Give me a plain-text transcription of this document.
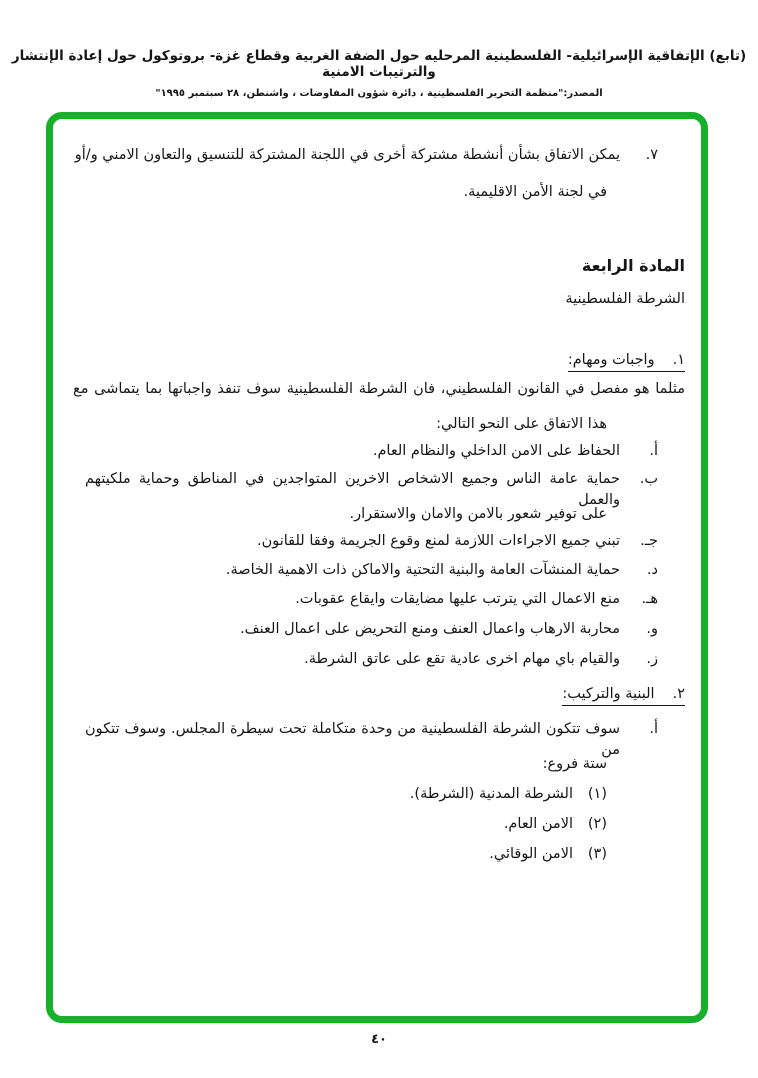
(تابع) الإتفاقية الإسرائيلية- الفلسطينية المرحليه حول الضفة الغربية وقطاع غزة- بروتوكول حول إعادة الإنتشار والترتيبات الامنية
المصدر:"منظمة التحرير الفلسطينية ، دائرة شؤون المفاوضات ، واشنطن، ٢٨ سبتمبر ١٩٩٥"
٧.
يمكن الاتفاق بشأن أنشطة مشتركة أخرى في اللجنة المشتركة للتنسيق والتعاون الامني و/أو
في لجنة الأمن الاقليمية.
المادة الرابعة
الشرطة الفلسطينية
١.واجبات ومهام:
مثلما هو مفصل في القانون الفلسطيني، فان الشرطة الفلسطينية سوف تنفذ واجباتها بما يتماشى مع
هذا الاتفاق على النحو التالي:
أ.
الحفاظ على الامن الداخلي والنظام العام.
ب.
حماية عامة الناس وجميع الاشخاص الاخرين المتواجدين في المناطق وحماية ملكيتهم والعمل
على توفير شعور بالامن والامان والاستقرار.
جـ.
تبني جميع الاجراءات اللازمة لمنع وقوع الجريمة وفقا للقانون.
د.
حماية المنشآت العامة والبنية التحتية والاماكن ذات الاهمية الخاصة.
هـ.
منع الاعمال التي يترتب عليها مضايقات وايقاع عقوبات.
و.
محاربة الارهاب واعمال العنف ومنع التحريض على اعمال العنف.
ز.
والقيام باي مهام اخرى عادية تقع على عاتق الشرطة.
٢.البنية والتركيب:
أ.
سوف تتكون الشرطة الفلسطينية من وحدة متكاملة تحت سيطرة المجلس. وسوف تتكون من
ستة فروع:
(١)
الشرطة المدنية (الشرطة).
(٢)
الامن العام.
(٣)
الامن الوقائي.
٤٠
